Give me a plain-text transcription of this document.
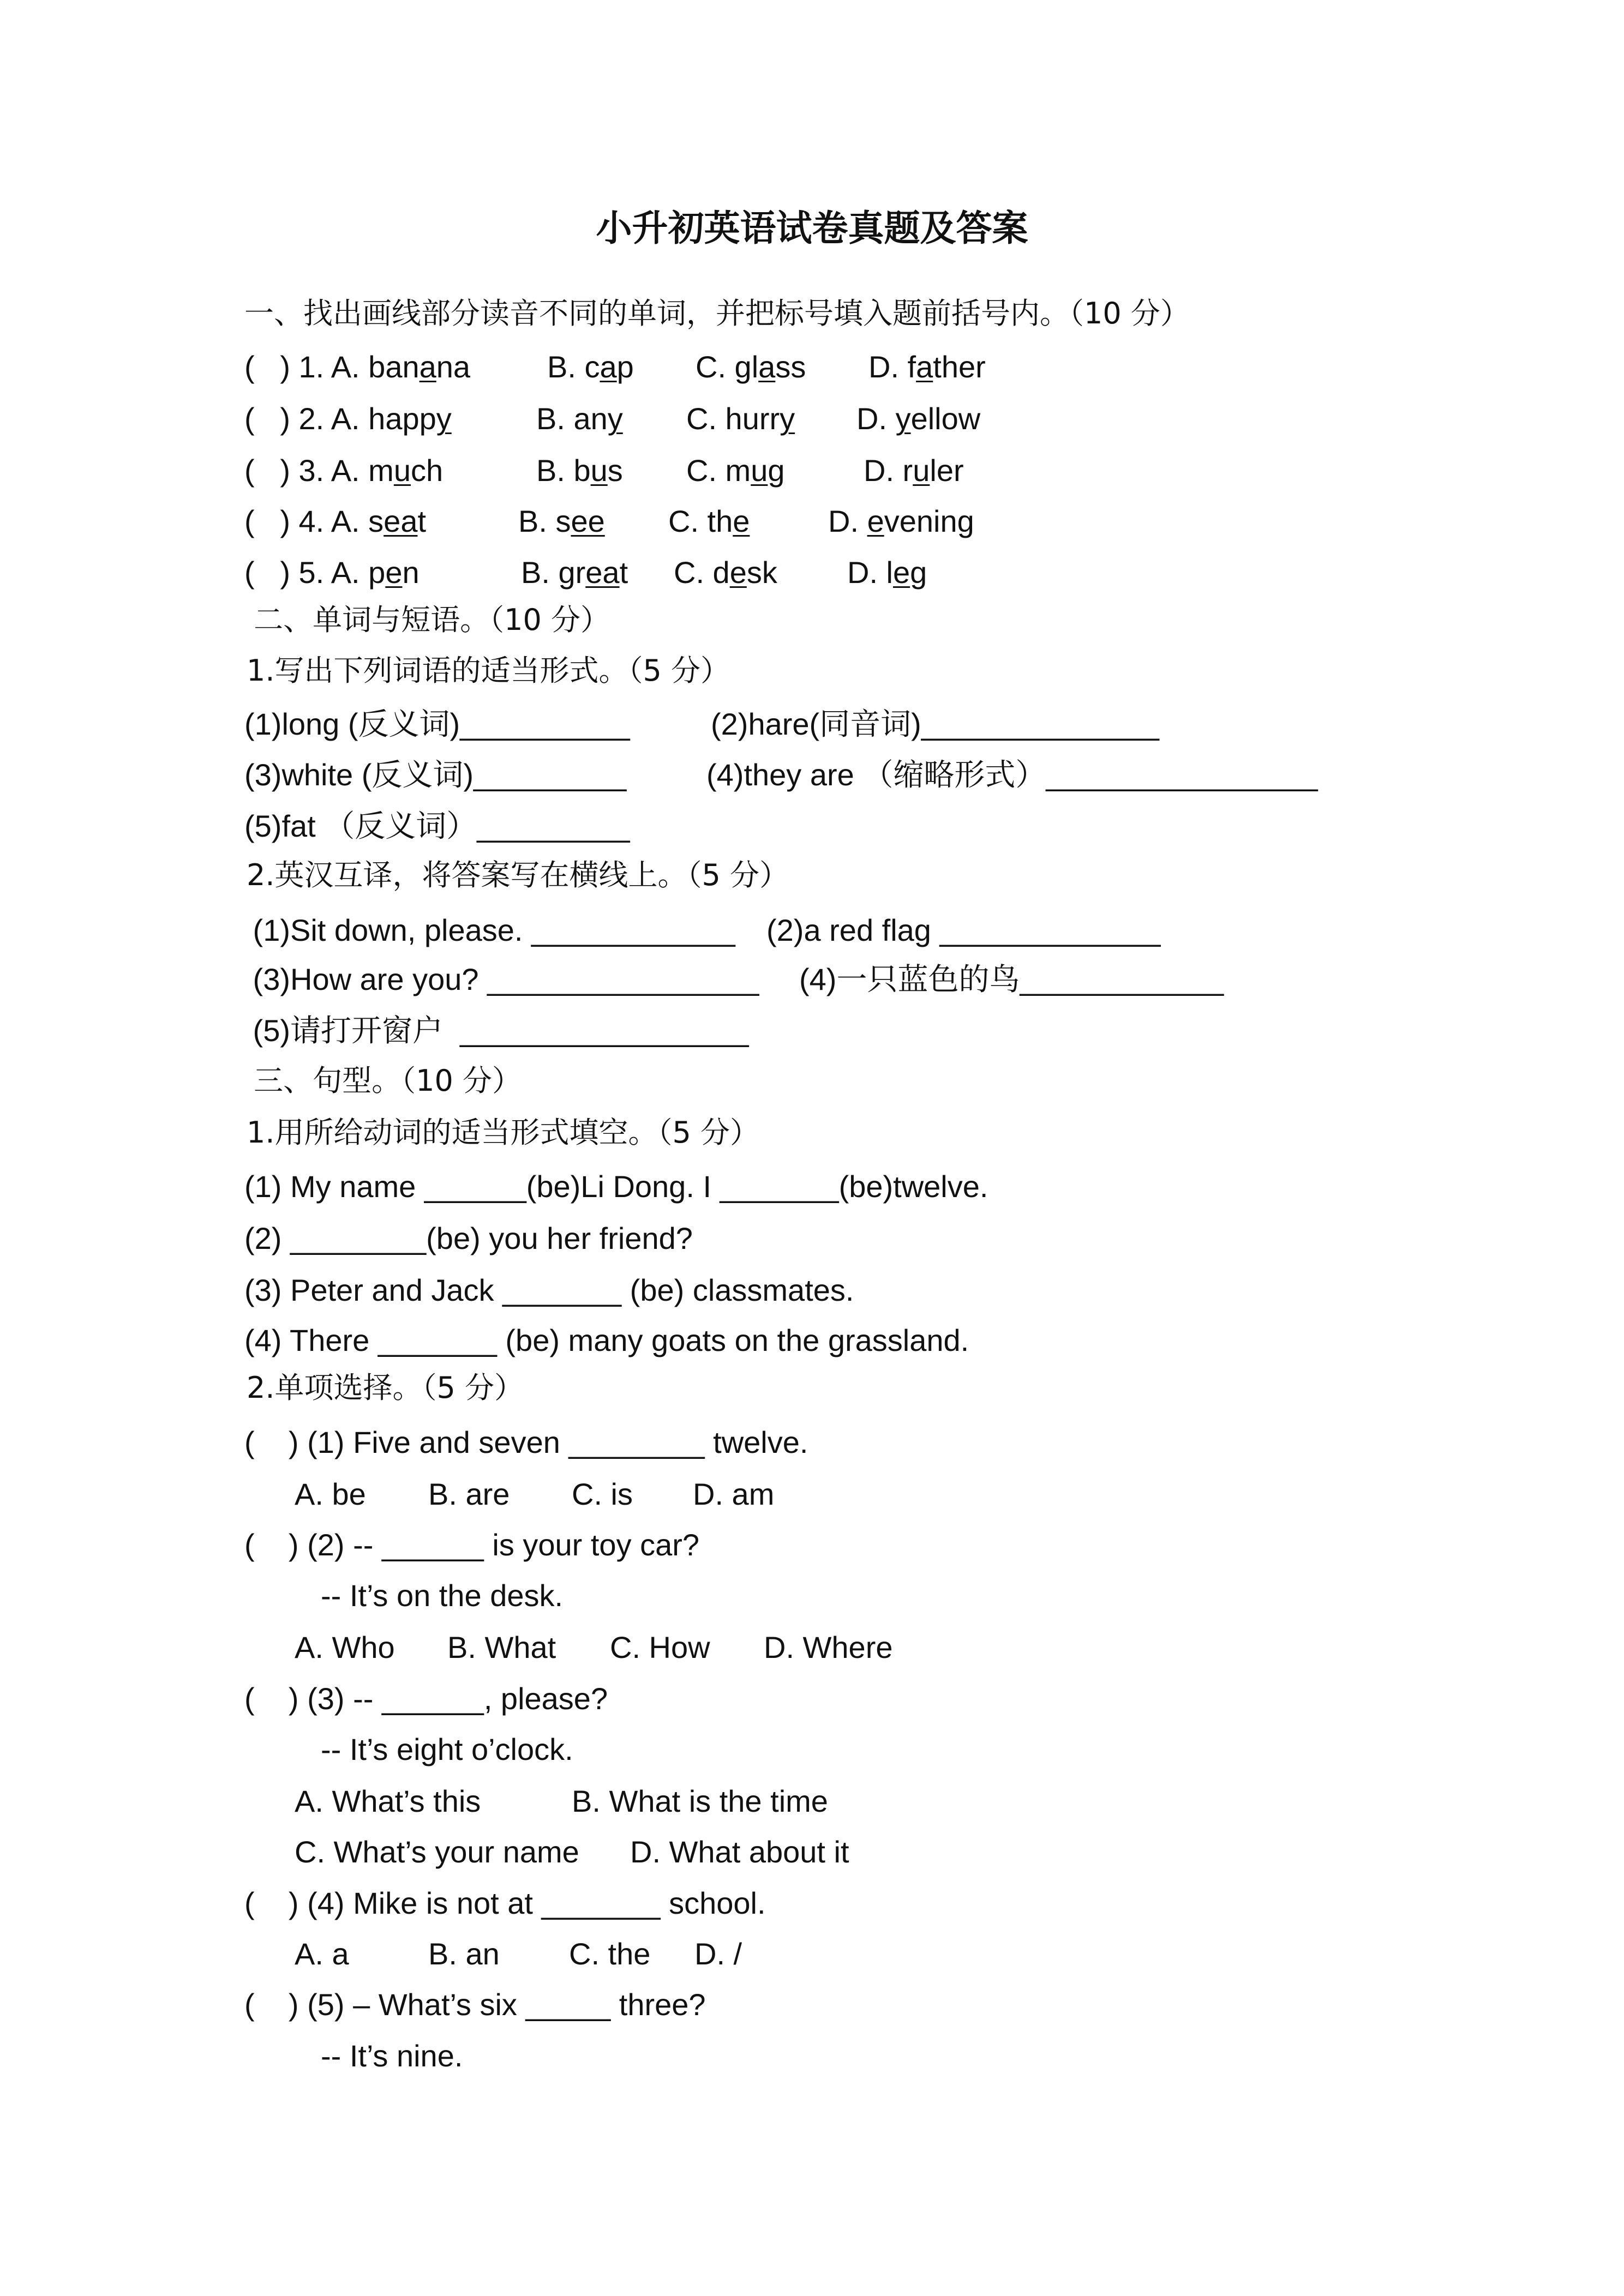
小升初英语试卷真题及答案
一、找出画线部分读音不同的单词，并把标号填入题前括号内。（10 分）
(   ) 1. A. banana	B. cap C. glass D. father
(   ) 2. A. happy	B. any C. hurry D. yellow
(   ) 3. A. much	B. bus C. mug	D. ruler
(   ) 4. A. seat	B. see C. the	D. evening
(   ) 5. A. pen	B. great C. desk D. leg
二、单词与短语。（10 分）
1.写出下列词语的适当形式。（5 分）
(1)long (反义词)__________	(2)hare(同音词)______________
(3)white (反义词)_________	(4)they are （缩略形式）________________
(5)fat （反义词）_________
2.英汉互译，将答案写在横线上。（5 分）
(1)Sit down, please. ____________ (2)a red flag _____________
(3)How are you? ________________ (4)一只蓝色的鸟____________
(5)请打开窗户  _________________
三、句型。（10 分）
1.用所给动词的适当形式填空。（5 分）
(1) My name ______(be)Li Dong. I _______(be)twelve.
(2) ________(be) you her friend?
(3) Peter and Jack _______ (be) classmates.
(4) There _______ (be) many goats on the grassland.
2.单项选择。（5 分）
(    ) (1) Five and seven ________ twelve.
A. be B. are C. is D. am
(    ) (2) -- ______ is your toy car?
-- It’s on the desk.
A. Who B. What C. How D. Where
(    ) (3) -- ______, please?
-- It’s eight o’clock.
A. What’s this	B. What is the time
C. What’s your name D. What about it
(    ) (4) Mike is not at _______ school.
A. a	B. an C. the D. /
(    ) (5) – What’s six _____ three?
-- It’s nine.
